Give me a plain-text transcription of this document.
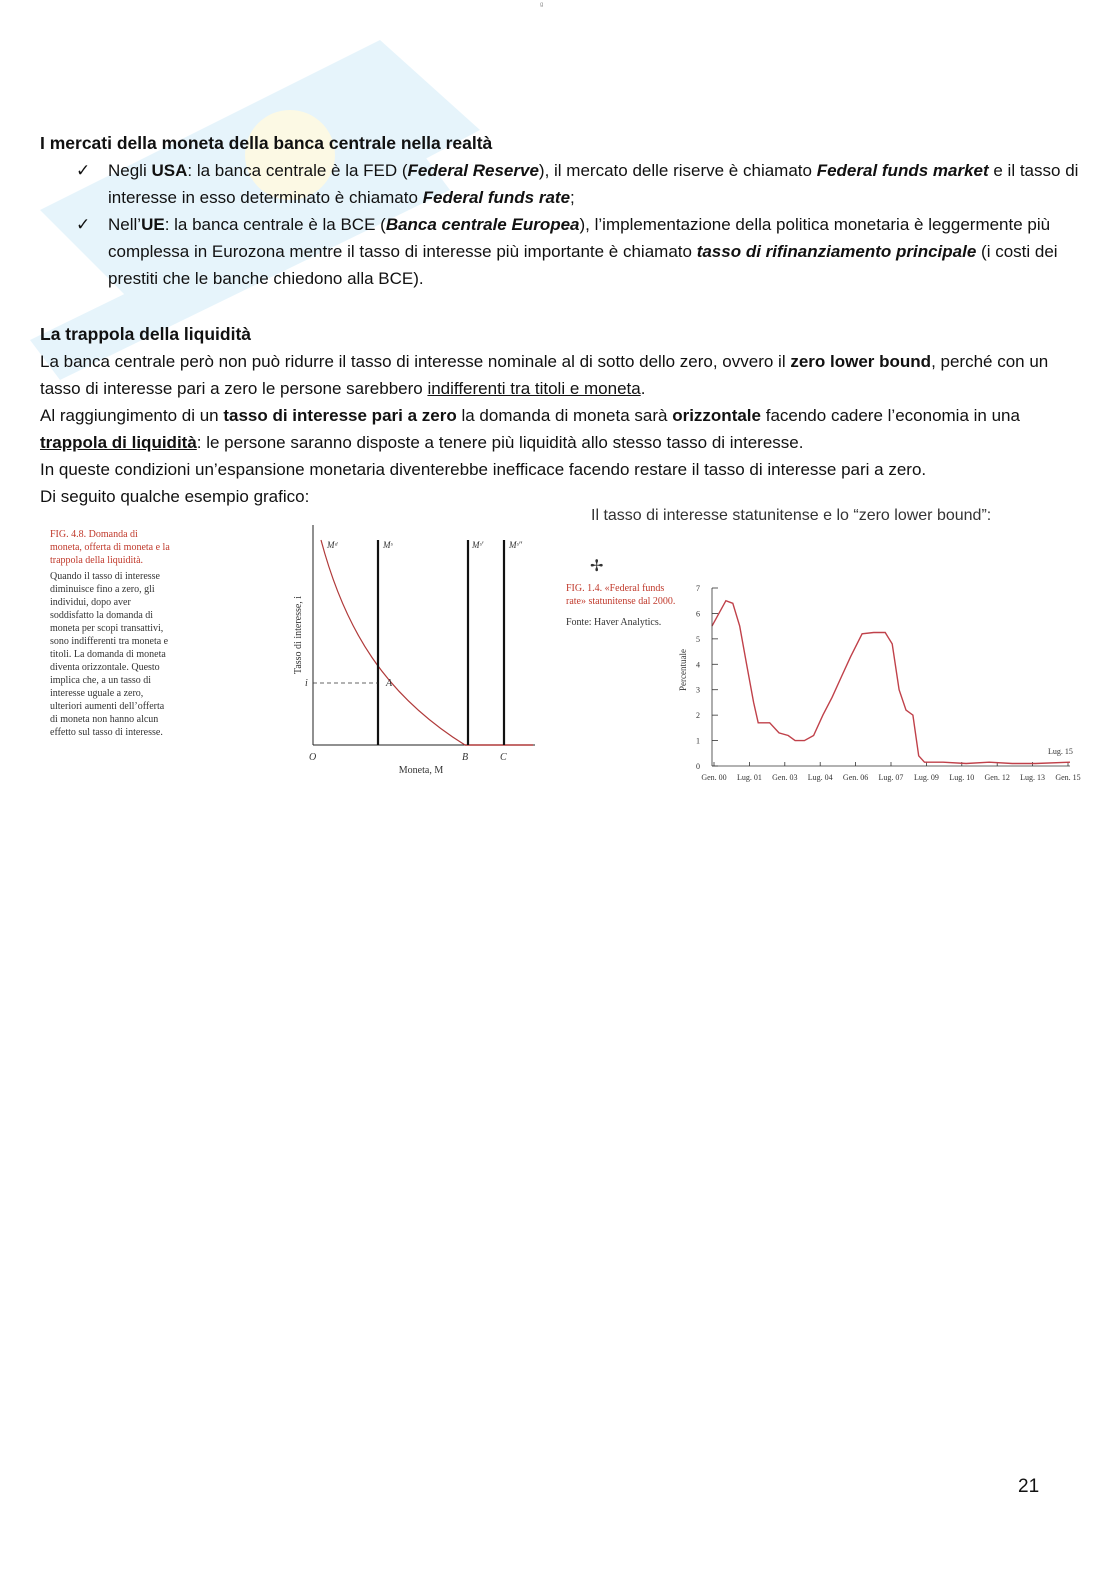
ᵍ
I mercati della moneta della banca centrale nella realtà
✓ Negli USA: la banca centrale è la FED (Federal Reserve), il mercato delle riserve è chiamato Federal funds market e il tasso di interesse in esso determinato è chiamato Federal funds rate;
✓ Nell’UE: la banca centrale è la BCE (Banca centrale Europea), l’implementazione della politica monetaria è leggermente più complessa in Eurozona mentre il tasso di interesse più importante è chiamato tasso di rifinanziamento principale (i costi dei prestiti che le banche chiedono alla BCE).
La trappola della liquidità

La banca centrale però non può ridurre il tasso di interesse nominale al di sotto dello zero, ovvero il zero lower bound, perché con un tasso di interesse pari a zero le persone sarebbero indifferenti tra titoli e moneta.

Al raggiungimento di un tasso di interesse pari a zero la domanda di moneta sarà orizzontale facendo cadere l’economia in una trappola di liquidità: le persone saranno disposte a tenere più liquidità allo stesso tasso di interesse.

In queste condizioni un’espansione monetaria diventerebbe inefficace facendo restare il tasso di interesse pari a zero.

Di seguito qualche esempio grafico:

FIG. 4.8. Domanda di moneta, offerta di moneta e la trappola della liquidità.
Quando il tasso di interesse diminuisce fino a zero, gli individui, dopo aver soddisfatto la domanda di moneta per scopi transattivi, sono indifferenti tra moneta e titoli. La domanda di moneta diventa orizzontale. Questo implica che, a un tasso di interesse uguale a zero, ulteriori aumenti dell’offerta di moneta non hanno alcun effetto sul tasso di interesse.
Tasso di interesse, i
Moneta, M
Mᵈ	Mˢ	Mˢ′	Mˢ″
i	A
O	B	C
Il tasso di interesse statunitense e lo “zero lower bound”:
✢
FIG. 1.4. «Federal funds rate» statunitense dal 2000.
Fonte: Haver Analytics.
Percentuale
0
1
2
3
4
5
6
7
Gen. 00 Lug. 01 Gen. 03 Lug. 04 Gen. 06 Lug. 07 Lug. 09 Lug. 10 Gen. 12 Lug. 13 Gen. 15
Lug. 15
21
